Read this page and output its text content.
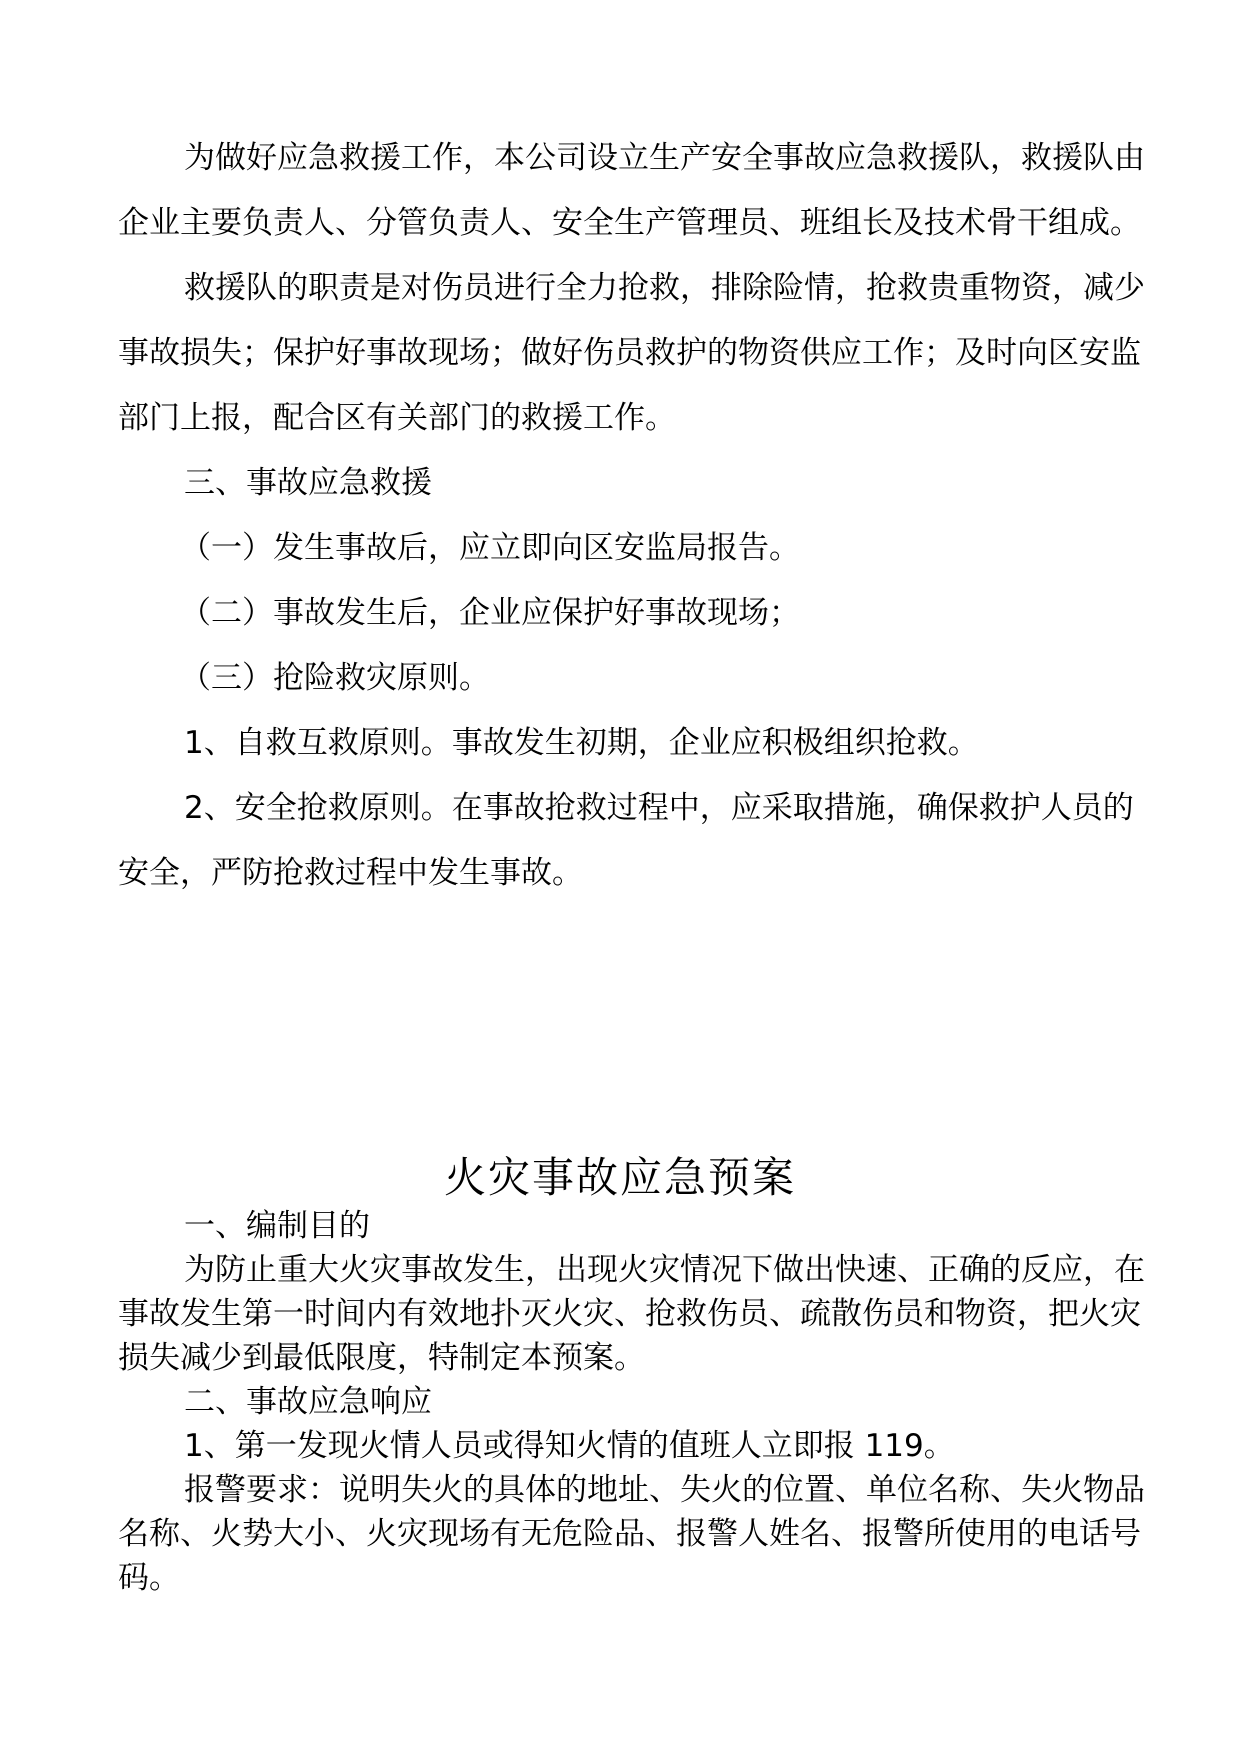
为做好应急救援工作，本公司设立生产安全事故应急救援队，救援队由企业主要负责人、分管负责人、安全生产管理员、班组长及技术骨干组成。

救援队的职责是对伤员进行全力抢救，排除险情，抢救贵重物资，减少事故损失；保护好事故现场；做好伤员救护的物资供应工作；及时向区安监部门上报，配合区有关部门的救援工作。

三、事故应急救援

（一）发生事故后，应立即向区安监局报告。

（二）事故发生后，企业应保护好事故现场；

（三）抢险救灾原则。

1、自救互救原则。事故发生初期，企业应积极组织抢救。

2、安全抢救原则。在事故抢救过程中，应采取措施，确保救护人员的安全，严防抢救过程中发生事故。

火灾事故应急预案

一、编制目的

为防止重大火灾事故发生，出现火灾情况下做出快速、正确的反应，在事故发生第一时间内有效地扑灭火灾、抢救伤员、疏散伤员和物资，把火灾损失减少到最低限度，特制定本预案。

二、事故应急响应

1、第一发现火情人员或得知火情的值班人立即报 119。

报警要求：说明失火的具体的地址、失火的位置、单位名称、失火物品名称、火势大小、火灾现场有无危险品、报警人姓名、报警所使用的电话号码。
